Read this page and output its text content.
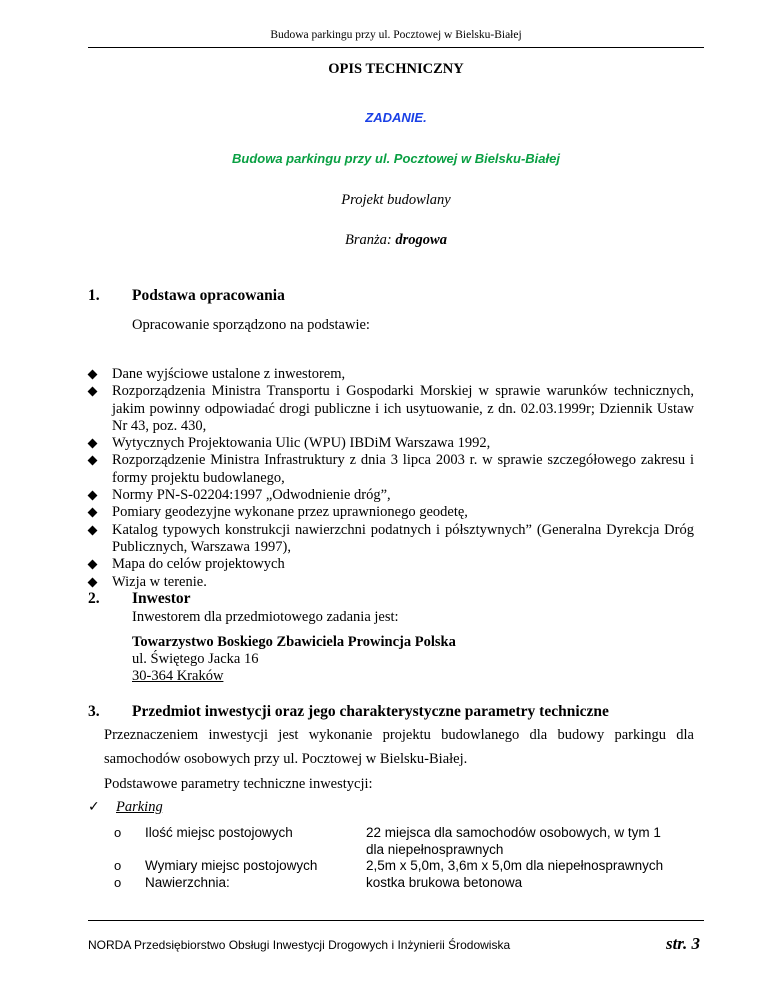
Budowa parkingu przy ul. Pocztowej w Bielsku-Białej
OPIS TECHNICZNY
ZADANIE.
Budowa parkingu przy ul. Pocztowej w Bielsku-Białej
Projekt budowlany
Branża: drogowa
1. Podstawa opracowania
Opracowanie sporządzono na podstawie:
Dane wyjściowe ustalone z inwestorem,
Rozporządzenia Ministra Transportu i Gospodarki Morskiej w sprawie warunków technicznych, jakim powinny odpowiadać drogi publiczne i ich usytuowanie, z dn. 02.03.1999r; Dziennik Ustaw Nr 43, poz. 430,
Wytycznych Projektowania Ulic (WPU) IBDiM Warszawa 1992,
Rozporządzenie Ministra Infrastruktury z dnia 3 lipca 2003 r. w sprawie szczegółowego zakresu i formy projektu budowlanego,
Normy PN-S-02204:1997 „Odwodnienie dróg”,
Pomiary geodezyjne wykonane przez uprawnionego geodetę,
Katalog typowych konstrukcji nawierzchni podatnych i półsztywnych” (Generalna Dyrekcja Dróg Publicznych, Warszawa 1997),
Mapa do celów projektowych
Wizja w terenie.
2. Inwestor
Inwestorem dla przedmiotowego zadania jest:
Towarzystwo Boskiego Zbawiciela Prowincja Polska
ul. Świętego Jacka 16
30-364 Kraków
3. Przedmiot inwestycji oraz jego charakterystyczne parametry techniczne
Przeznaczeniem inwestycji jest wykonanie projektu budowlanego dla budowy parkingu dla
samochodów osobowych przy ul. Pocztowej w Bielsku-Białej.
Podstawowe parametry techniczne inwestycji:
✓ Parking
o Ilość miejsc postojowych	22 miejsca dla samochodów osobowych, w tym 1
dla niepełnosprawnych
o Wymiary miejsc postojowych	2,5m x 5,0m, 3,6m x 5,0m dla niepełnosprawnych
o Nawierzchnia:	kostka brukowa betonowa
NORDA Przedsiębiorstwo Obsługi Inwestycji Drogowych i Inżynierii Środowiska	str. 3
